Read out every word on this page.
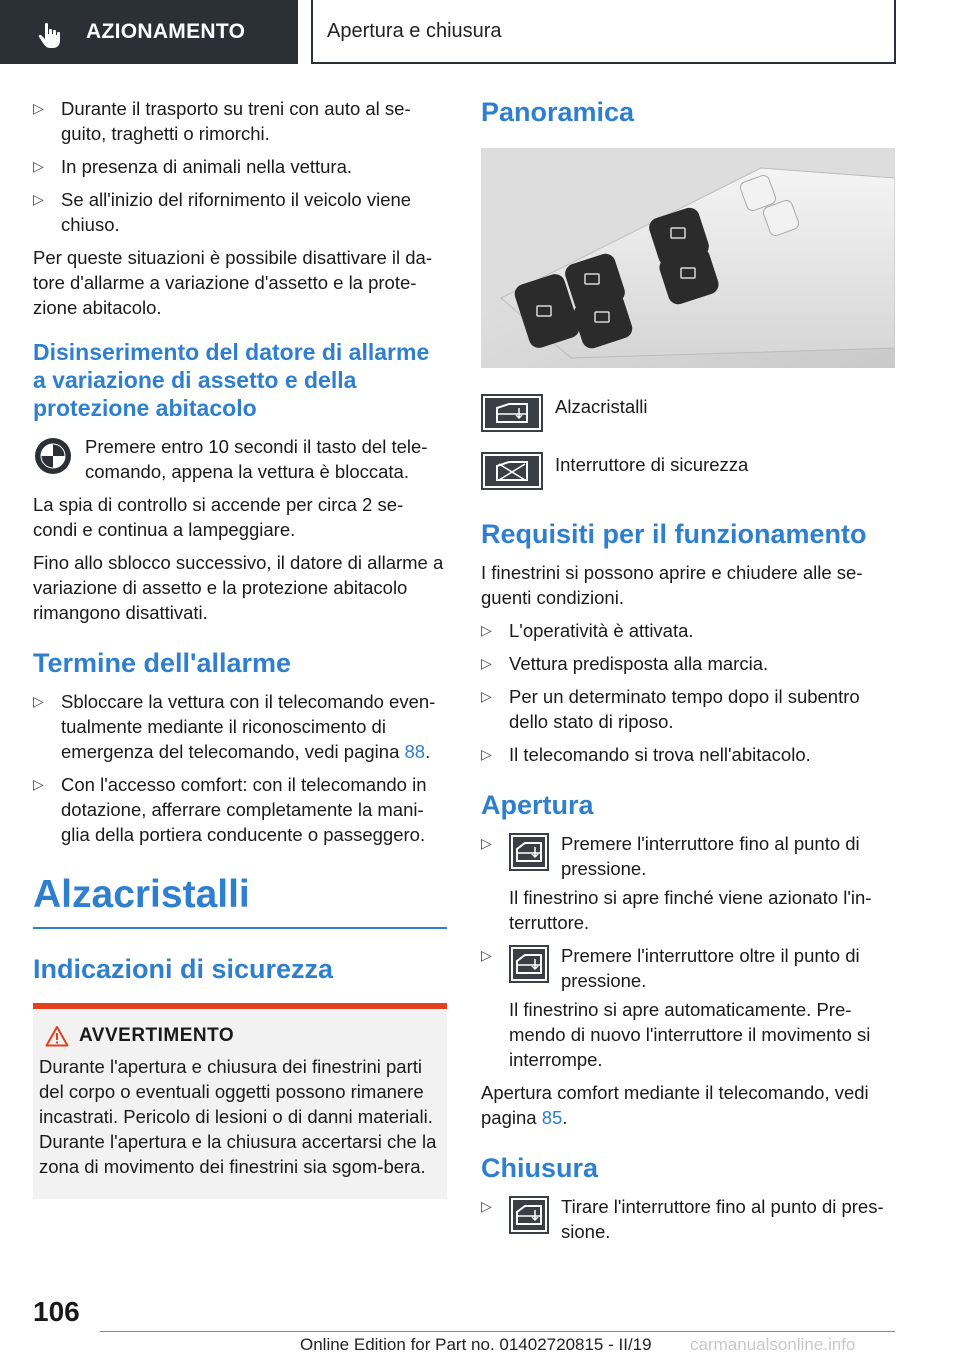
AZIONAMENTO	Apertura e chiusura
▷ Durante il trasporto su treni con auto al se-guito, traghetti o rimorchi.
▷ In presenza di animali nella vettura.
▷ Se all'inizio del rifornimento il veicolo viene chiuso.
Per queste situazioni è possibile disattivare il da-tore d'allarme a variazione d'assetto e la prote-zione abitacolo.
Disinserimento del datore di allarme a variazione di assetto e della protezione abitacolo
Premere entro 10 secondi il tasto del tele-comando, appena la vettura è bloccata.
La spia di controllo si accende per circa 2 se-condi e continua a lampeggiare.
Fino allo sblocco successivo, il datore di allarme a variazione di assetto e la protezione abitacolo rimangono disattivati.
Termine dell'allarme
▷ Sbloccare la vettura con il telecomando even-tualmente mediante il riconoscimento di emergenza del telecomando, vedi pagina 88.
▷ Con l'accesso comfort: con il telecomando in dotazione, afferrare completamente la mani-glia della portiera conducente o passeggero.
Alzacristalli
Indicazioni di sicurezza
AVVERTIMENTO
Durante l'apertura e chiusura dei finestrini parti del corpo o eventuali oggetti possono rimanere incastrati. Pericolo di lesioni o di danni materiali. Durante l'apertura e la chiusura accertarsi che la zona di movimento dei finestrini sia sgom-bera.
Panoramica
Alzacristalli
Interruttore di sicurezza
Requisiti per il funzionamento
I finestrini si possono aprire e chiudere alle se-guenti condizioni.
▷ L'operatività è attivata.
▷ Vettura predisposta alla marcia.
▷ Per un determinato tempo dopo il subentro dello stato di riposo.
▷ Il telecomando si trova nell'abitacolo.
Apertura
▷	Premere l'interruttore fino al punto di pressione.
Il finestrino si apre finché viene azionato l'in-terruttore.
▷	Premere l'interruttore oltre il punto di pressione.
Il finestrino si apre automaticamente. Pre-mendo di nuovo l'interruttore il movimento si interrompe.
Apertura comfort mediante il telecomando, vedi pagina 85.
Chiusura
▷	Tirare l'interruttore fino al punto di pres-sione.
106
Online Edition for Part no. 01402720815 - II/19 carmanualsonline.info
